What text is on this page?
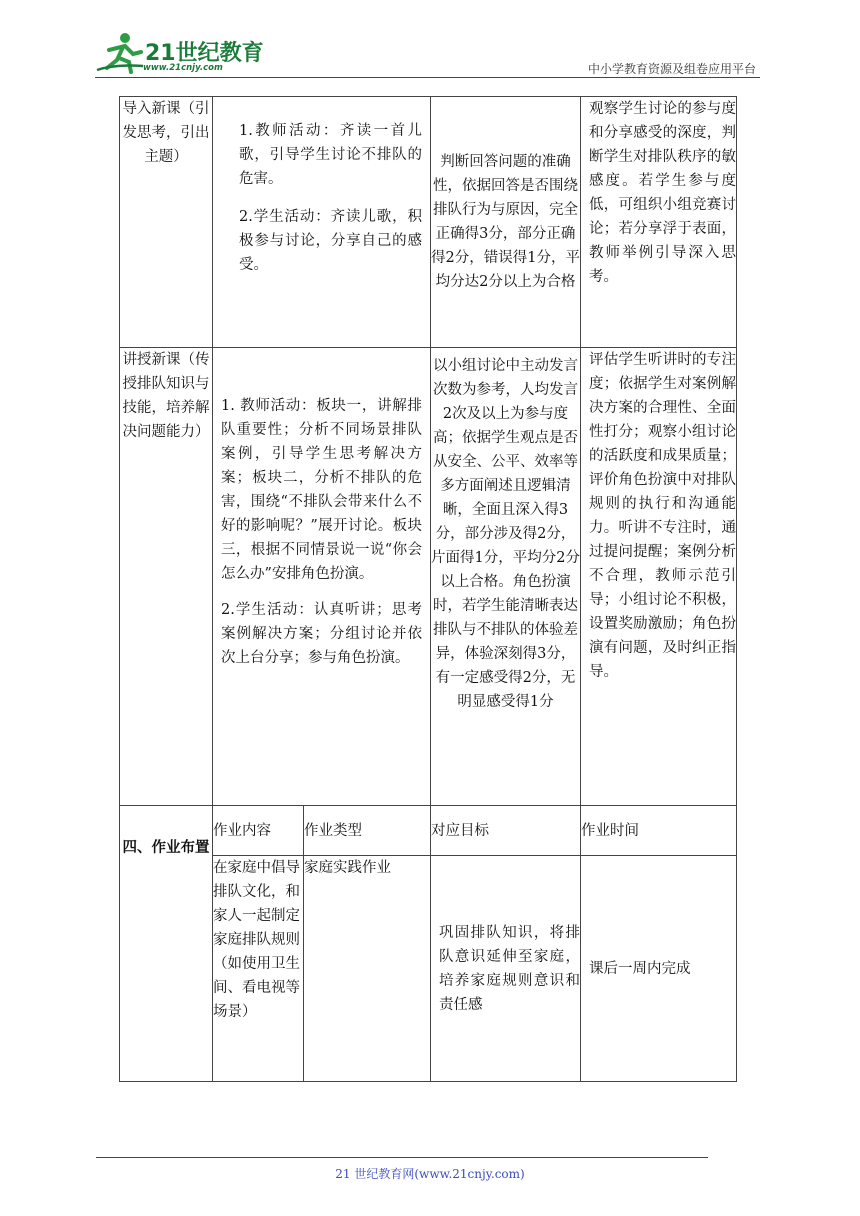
21世纪教育
www.21cnjy.com	中小学教育资源及组卷应用平台
导入新课（引发思考，引出主题）	1.教师活动：齐读一首儿歌，引导学生讨论不排队的危害。
2.学生活动：齐读儿歌，积极参与讨论，分享自己的感受。		判断回答问题的准确性，依据回答是否围绕排队行为与原因，完全正确得3分，部分正确得2分，错误得1分，平均分达2分以上为合格	观察学生讨论的参与度和分享感受的深度，判断学生对排队秩序的敏感度。若学生参与度低，可组织小组竞赛讨论；若分享浮于表面，教师举例引导深入思考。

讲授新课（传授排队知识与技能，培养解决问题能力）	1. 教师活动：板块一，讲解排队重要性；分析不同场景排队案例，引导学生思考解决方案；板块二，分析不排队的危害，围绕“不排队会带来什么不好的影响呢？”展开讨论。板块三，根据不同情景说一说“你会怎么办”安排角色扮演。
2.学生活动：认真听讲；思考案例解决方案；分组讨论并依次上台分享；参与角色扮演。		以小组讨论中主动发言次数为参考，人均发言2次及以上为参与度高；依据学生观点是否从安全、公平、效率等多方面阐述且逻辑清晰，全面且深入得3分，部分涉及得2分，片面得1分，平均分2分以上合格。角色扮演时，若学生能清晰表达排队与不排队的体验差异，体验深刻得3分，有一定感受得2分，无明显感受得1分	评估学生听讲时的专注度；依据学生对案例解决方案的合理性、全面性打分；观察小组讨论的活跃度和成果质量；评价角色扮演中对排队规则的执行和沟通能力。听讲不专注时，通过提问提醒；案例分析不合理，教师示范引导；小组讨论不积极，设置奖励激励；角色扮演有问题，及时纠正指导。

四、作业布置	作业内容	作业类型	对应目标	作业时间

	在家庭中倡导排队文化，和家人一起制定家庭排队规则（如使用卫生间、看电视等场景）	家庭实践作业	巩固排队知识，将排队意识延伸至家庭，培养家庭规则意识和责任感	课后一周内完成
21 世纪教育网(www.21cnjy.com)
